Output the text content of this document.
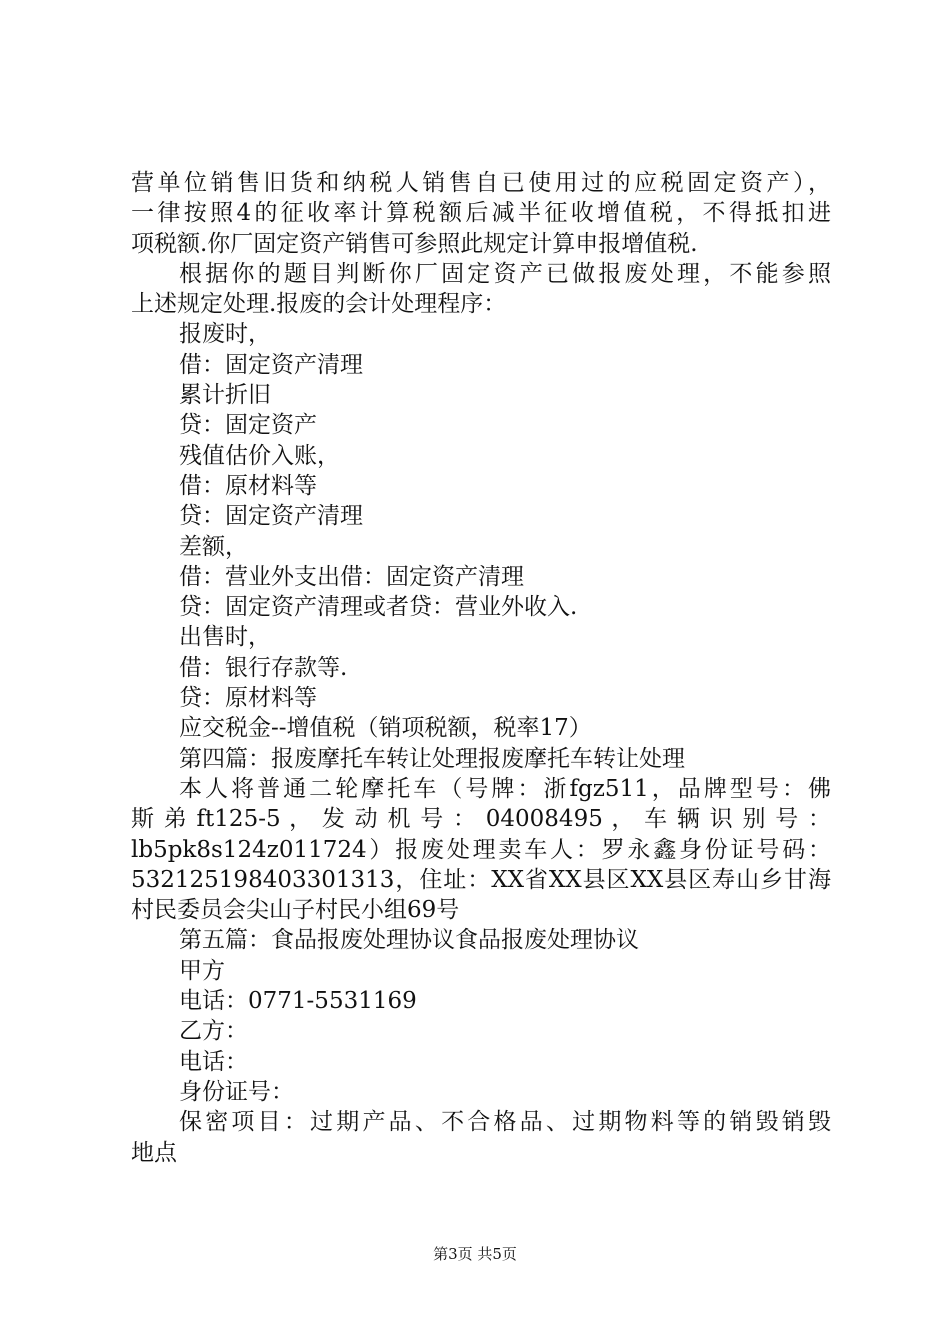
营单位销售旧货和纳税人销售自已使用过的应税固定资产），
一律按照4的征收率计算税额后减半征收增值税，不得抵扣进
项税额.你厂固定资产销售可参照此规定计算申报增值税.
根据你的题目判断你厂固定资产已做报废处理，不能参照
上述规定处理.报废的会计处理程序：
报废时，
借：固定资产清理
累计折旧
贷：固定资产
残值估价入账，
借：原材料等
贷：固定资产清理
差额，
借：营业外支出借：固定资产清理
贷：固定资产清理或者贷：营业外收入.
出售时，
借：银行存款等.
贷：原材料等
应交税金--增值税（销项税额，税率17）
第四篇：报废摩托车转让处理报废摩托车转让处理
本人将普通二轮摩托车（号牌：浙fgz511，品牌型号：佛
斯 弟 ft125-5 ， 发 动 机 号 ： 04008495 ， 车 辆 识 别 号 ：
lb5pk8s124z011724）报废处理卖车人：罗永鑫身份证号码：
532125198403301313，住址：XX省XX县区XX县区寿山乡甘海
村民委员会尖山子村民小组69号
第五篇：食品报废处理协议食品报废处理协议
甲方
电话：0771-5531169
乙方：
电话：
身份证号：
保密项目：过期产品、不合格品、过期物料等的销毁销毁
地点
第3页 共5页
